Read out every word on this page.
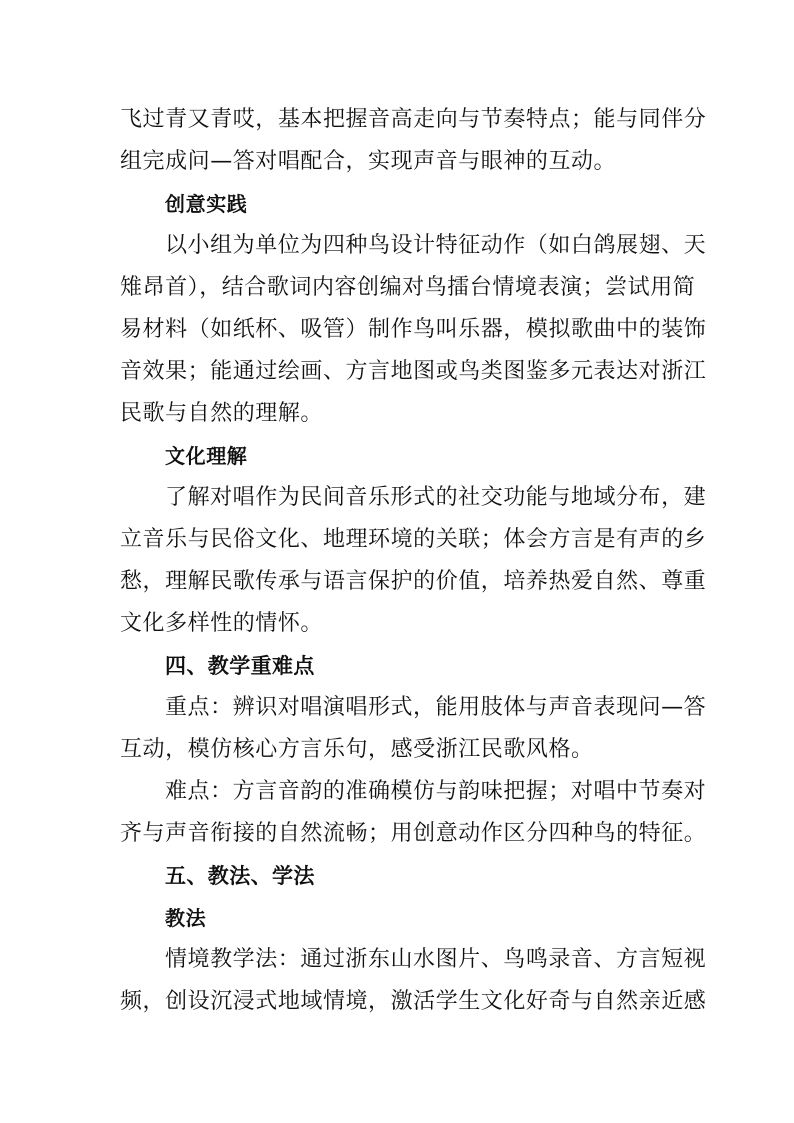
飞过青又青哎，基本把握音高走向与节奏特点；能与同伴分
组完成问—答对唱配合，实现声音与眼神的互动。
创意实践
以小组为单位为四种鸟设计特征动作（如白鸽展翅、天
雉昂首），结合歌词内容创编对鸟擂台情境表演；尝试用简
易材料（如纸杯、吸管）制作鸟叫乐器，模拟歌曲中的装饰
音效果；能通过绘画、方言地图或鸟类图鉴多元表达对浙江
民歌与自然的理解。
文化理解
了解对唱作为民间音乐形式的社交功能与地域分布，建
立音乐与民俗文化、地理环境的关联；体会方言是有声的乡
愁，理解民歌传承与语言保护的价值，培养热爱自然、尊重
文化多样性的情怀。
四、教学重难点
重点：辨识对唱演唱形式，能用肢体与声音表现问—答
互动，模仿核心方言乐句，感受浙江民歌风格。
难点：方言音韵的准确模仿与韵味把握；对唱中节奏对
齐与声音衔接的自然流畅；用创意动作区分四种鸟的特征。
五、教法、学法
教法
情境教学法：通过浙东山水图片、鸟鸣录音、方言短视
频，创设沉浸式地域情境，激活学生文化好奇与自然亲近感
